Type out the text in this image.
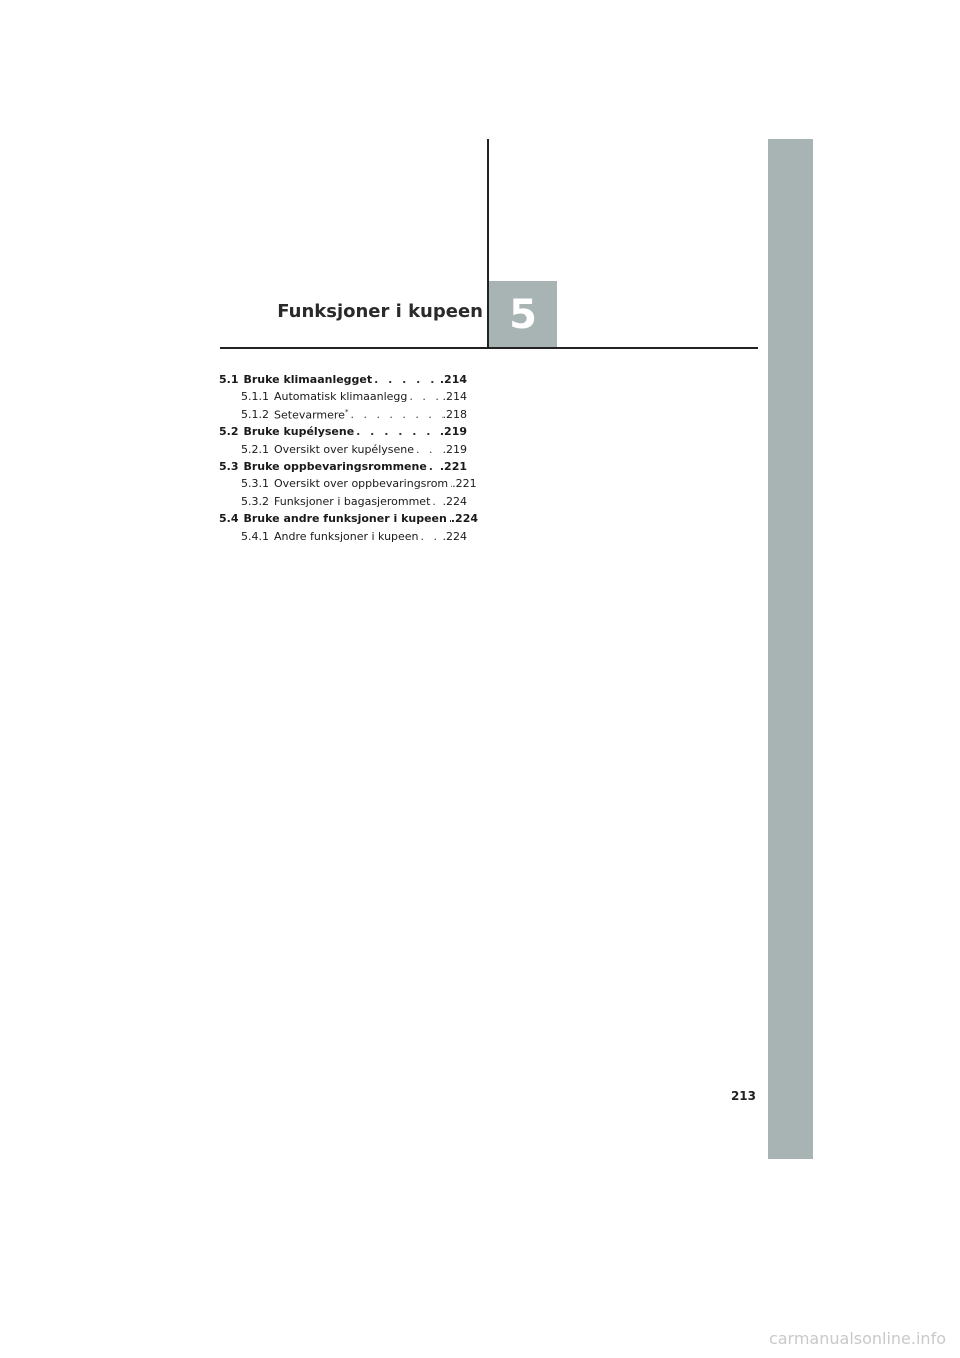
Funksjoner i kupeen 5
5.1 Bruke klimaanlegget . . .	.214
5.1.1 Automatisk klimaanlegg . . .	.214
5.1.2 Setevarmere* . . .	.218
5.2 Bruke kupélysene . . .	.219
5.2.1 Oversikt over kupélysene . . .	.219
5.3 Bruke oppbevaringsrommene . . . .221
5.3.1 Oversikt over oppbevaringsrom . . . .221
5.3.2 Funksjoner i bagasjerommet . . . .224
5.4 Bruke andre funksjoner i kupeen . . . .224
5.4.1 Andre funksjoner i kupeen . . . .224
213
carmanualsonline.info
